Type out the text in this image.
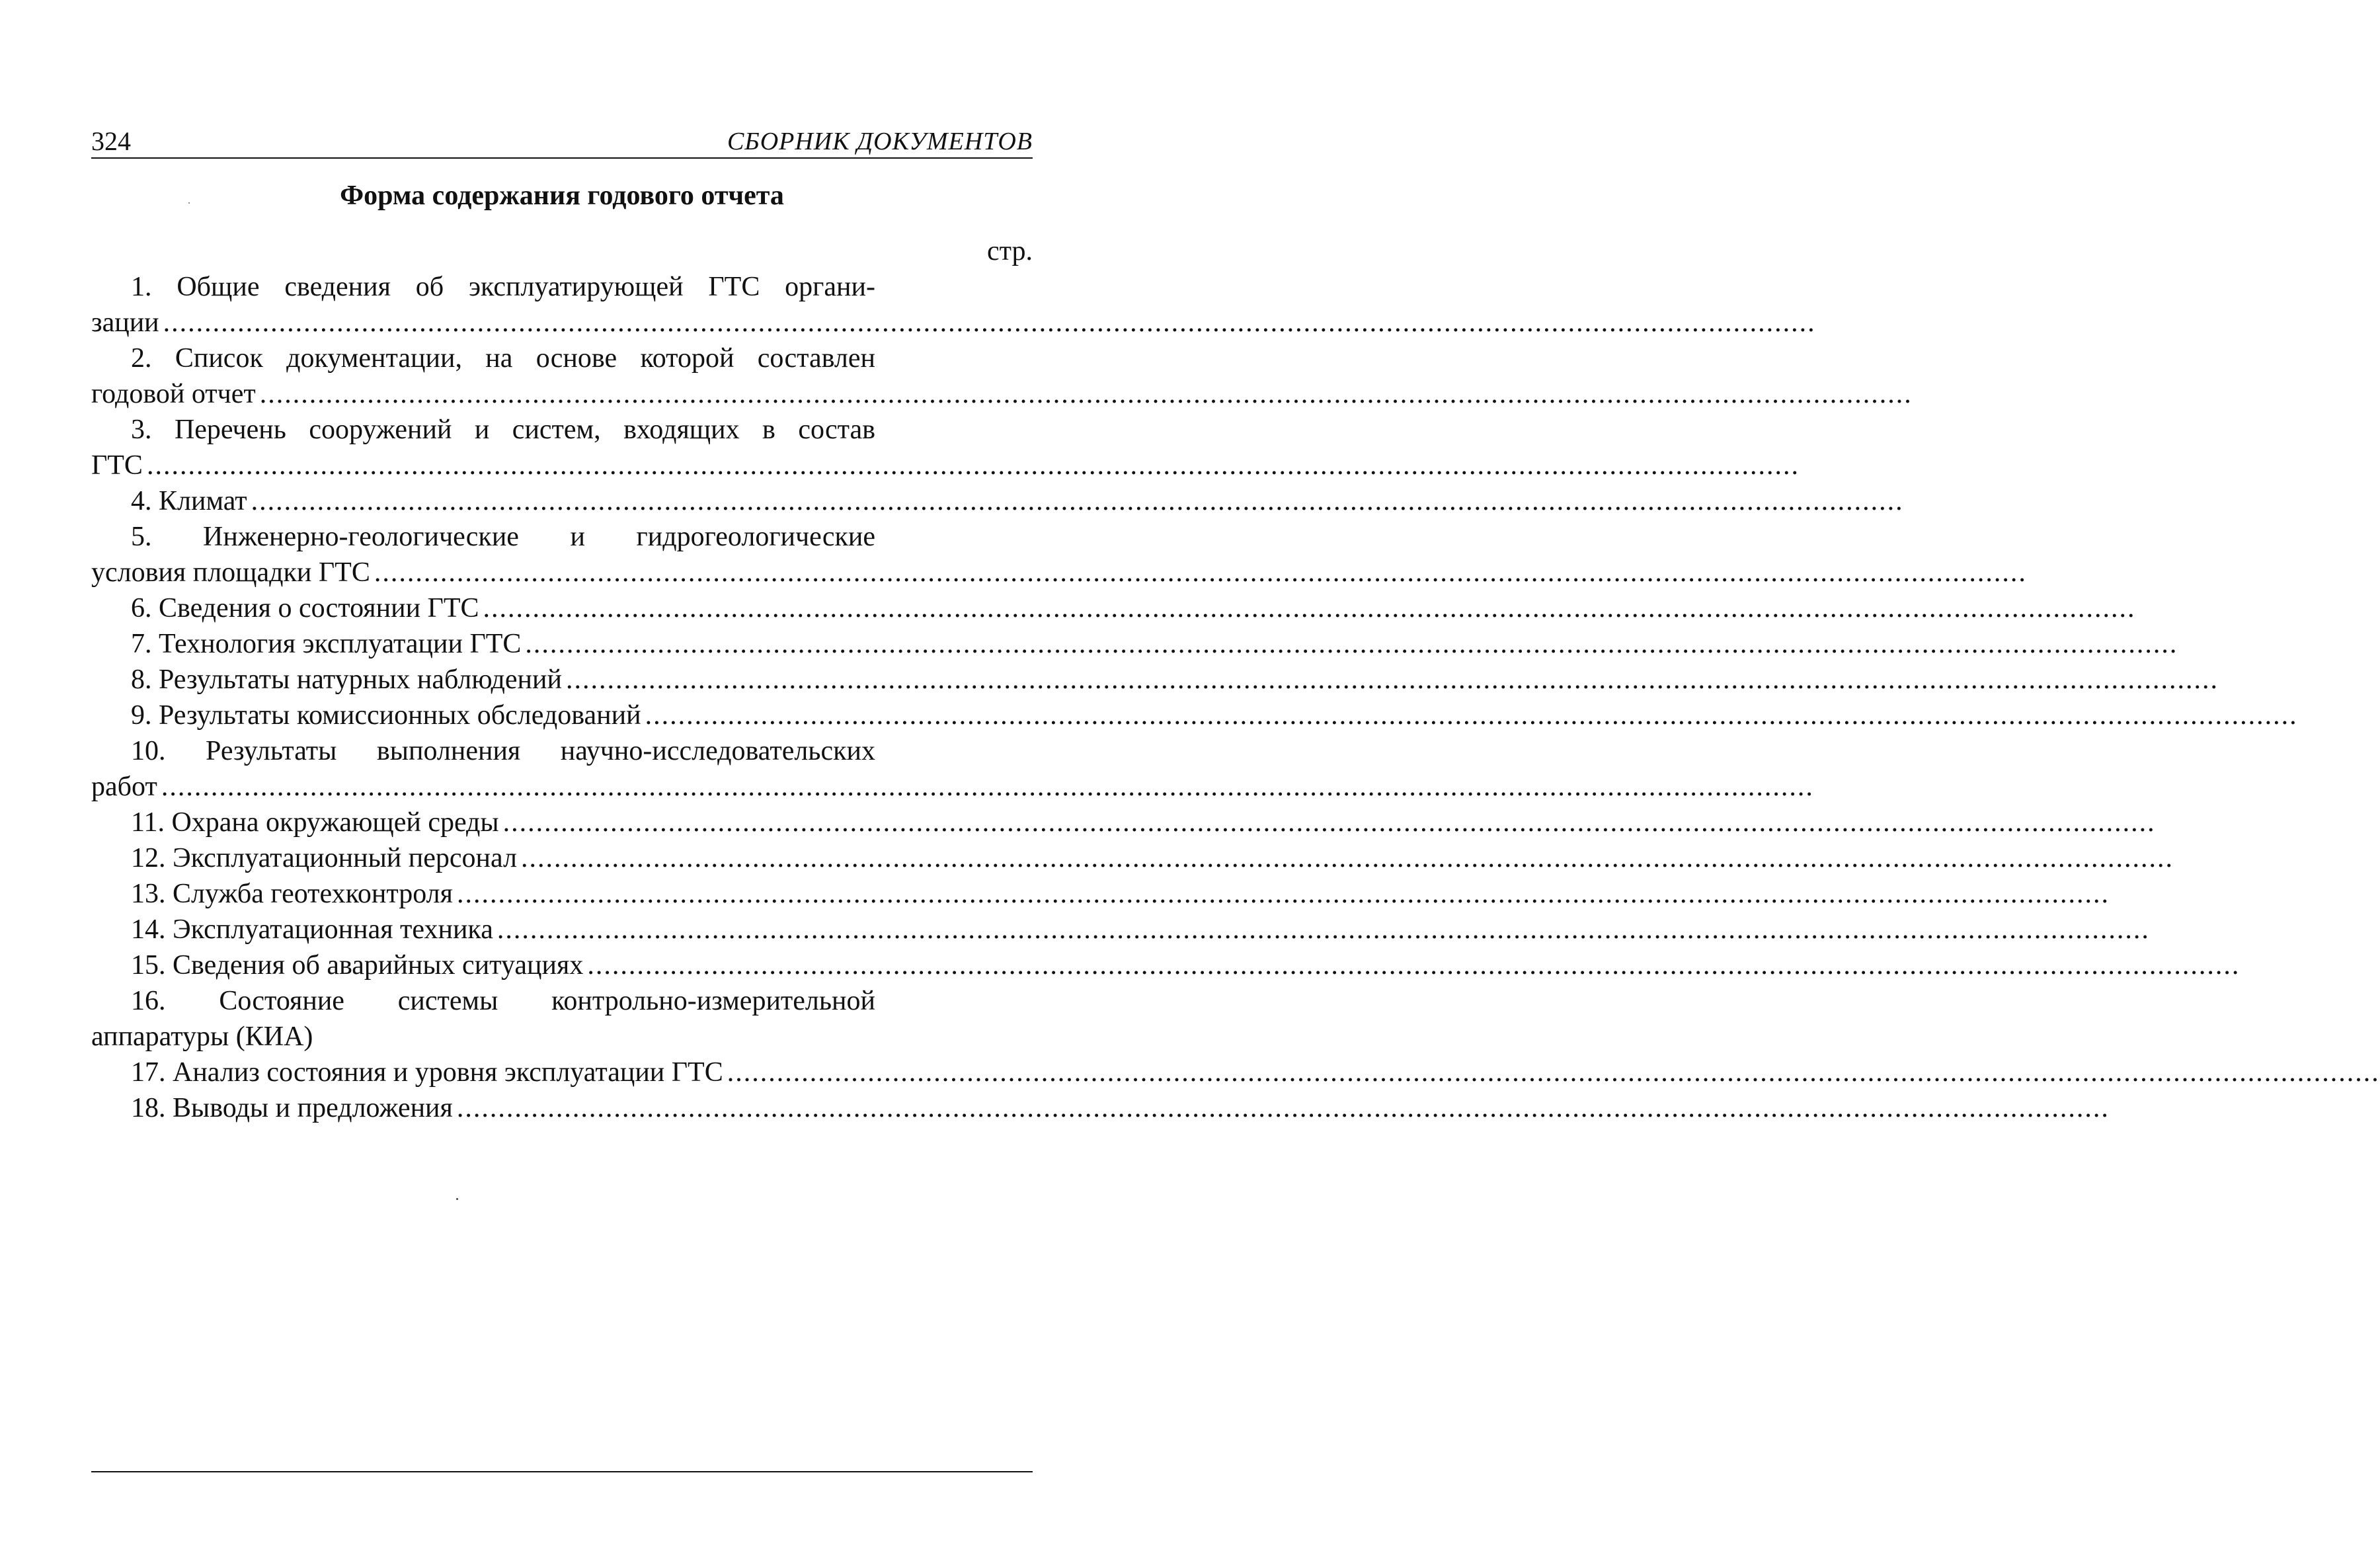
324	СБОРНИК ДОКУМЕНТОВ
Форма содержания годового отчета
стр.
1. Общие сведения об эксплуатирующей ГТС органи-
зации ........................................................................................................................................................................................................
2. Список документации, на основе которой составлен
годовой отчет ........................................................................................................................................................................................................
3. Перечень сооружений и систем, входящих в состав
ГТС ........................................................................................................................................................................................................
4. Климат ........................................................................................................................................................................................................
5. Инженерно-геологические и гидрогеологические
условия площадки ГТС ........................................................................................................................................................................................................
6. Сведения о состоянии ГТС ........................................................................................................................................................................................................
7. Технология эксплуатации ГТС ........................................................................................................................................................................................................
8. Результаты натурных наблюдений ........................................................................................................................................................................................................
9. Результаты комиссионных обследований ........................................................................................................................................................................................................
10. Результаты выполнения научно-исследовательских
работ ........................................................................................................................................................................................................
11. Охрана окружающей среды ........................................................................................................................................................................................................
12. Эксплуатационный персонал ........................................................................................................................................................................................................
13. Служба геотехконтроля ........................................................................................................................................................................................................
14. Эксплуатационная техника ........................................................................................................................................................................................................
15. Сведения об аварийных ситуациях ........................................................................................................................................................................................................
16. Состояние системы контрольно-измерительной
аппаратуры (КИА)
17. Анализ состояния и уровня эксплуатации ГТС ........................................................................................................................................................................................................
18. Выводы и предложения ........................................................................................................................................................................................................
